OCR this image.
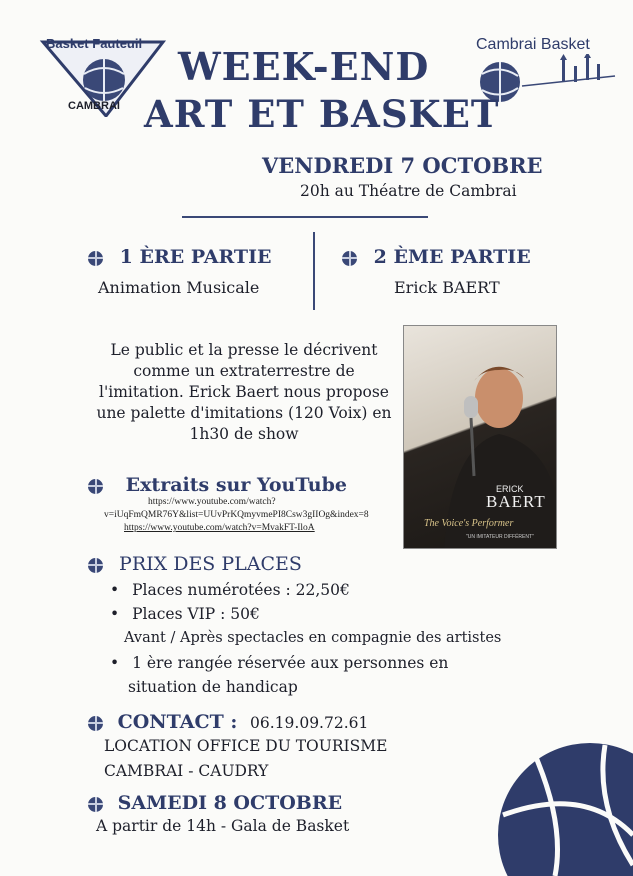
Basket Fauteuil
CAMBRAI
Cambrai Basket
WEEK-END
ART ET BASKET
VENDREDI 7 OCTOBRE
20h au Théatre de Cambrai
1 ÈRE PARTIE
Animation Musicale
2 ÈME PARTIE
Erick BAERT
Le public et la presse le décrivent
comme un extraterrestre de
l'imitation. Erick Baert nous propose
une palette d'imitations (120 Voix) en
1h30 de show
ERICK
BAERT
The Voice's Performer
"UN IMITATEUR DIFFÉRENT"
Extraits sur YouTube
https://www.youtube.com/watch?
v=iUqFmQMR76Y&list=UUvPrKQmyvmePI8Csw3gIIOg&index=8
https://www.youtube.com/watch?v=MvakFT-IloA
PRIX DES PLACES
• Places numérotées : 22,50€
• Places VIP : 50€
Avant / Après spectacles en compagnie des artistes
• 1 ère rangée réservée aux personnes en
situation de handicap
CONTACT : 06.19.09.72.61
LOCATION OFFICE DU TOURISME
CAMBRAI - CAUDRY
SAMEDI 8 OCTOBRE
A partir de 14h - Gala de Basket
